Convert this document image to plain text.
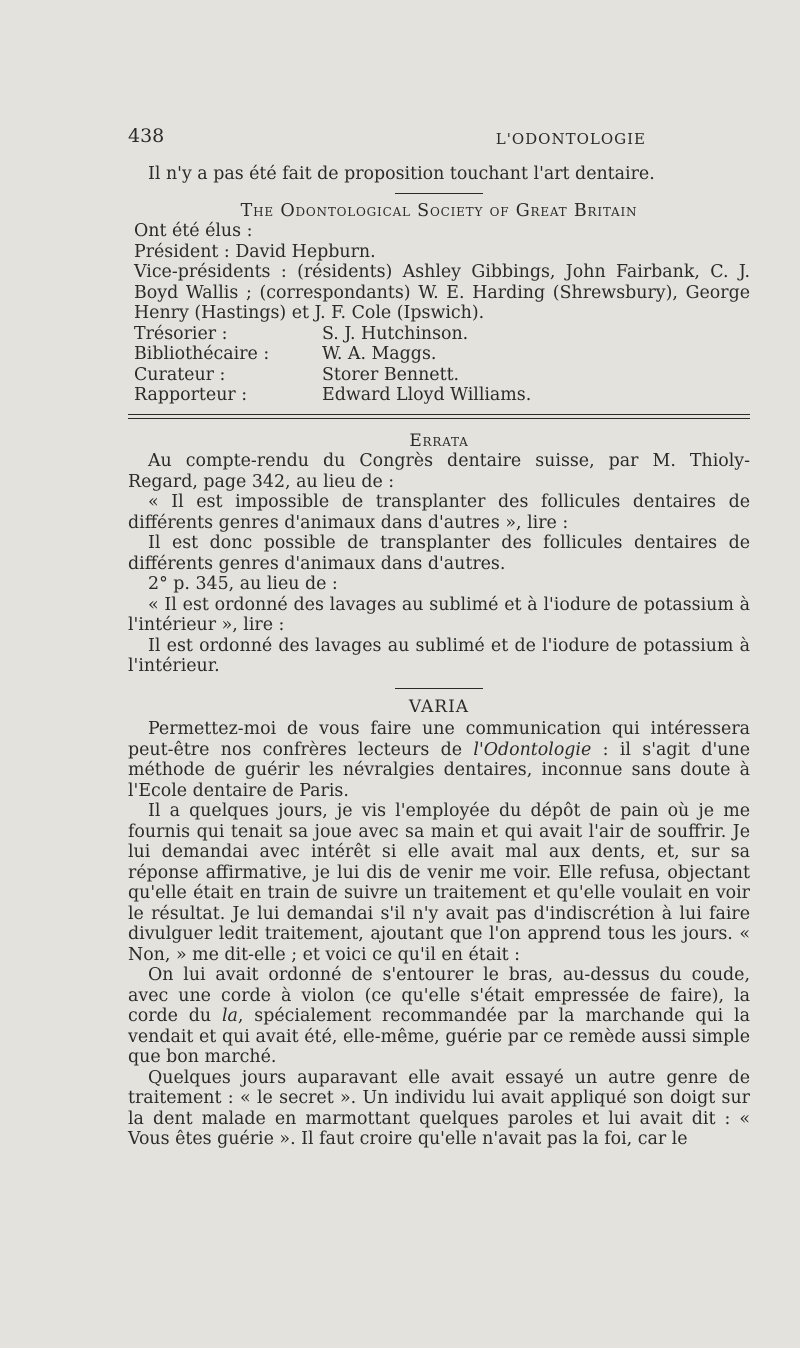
438	L'ODONTOLOGIE

Il n'y a pas été fait de proposition touchant l'art dentaire.

The Odontological Society of Great Britain

Ont été élus :

Président : David Hepburn.

Vice-présidents : (résidents) Ashley Gibbings, John Fairbank, C. J. Boyd Wallis ; (correspondants) W. E. Harding (Shrewsbury), George Henry (Hastings) et J. F. Cole (Ipswich).

Trésorier :	S. J. Hutchinson.
Bibliothécaire :	W. A. Maggs.
Curateur :	Storer Bennett.
Rapporteur :	Edward Lloyd Williams.
Errata

Au compte-rendu du Congrès dentaire suisse, par M. Thioly-Regard, page 342, au lieu de :

« Il est impossible de transplanter des follicules dentaires de différents genres d'animaux dans d'autres », lire :

Il est donc possible de transplanter des follicules dentaires de différents genres d'animaux dans d'autres.

2° p. 345, au lieu de :

« Il est ordonné des lavages au sublimé et à l'iodure de potassium à l'intérieur », lire :

Il est ordonné des lavages au sublimé et de l'iodure de potassium à l'intérieur.

VARIA

Permettez-moi de vous faire une communication qui intéressera peut-être nos confrères lecteurs de l'Odontologie : il s'agit d'une méthode de guérir les névralgies dentaires, inconnue sans doute à l'Ecole dentaire de Paris.

Il a quelques jours, je vis l'employée du dépôt de pain où je me fournis qui tenait sa joue avec sa main et qui avait l'air de souffrir. Je lui demandai avec intérêt si elle avait mal aux dents, et, sur sa réponse affirmative, je lui dis de venir me voir. Elle refusa, objectant qu'elle était en train de suivre un traitement et qu'elle voulait en voir le résultat. Je lui demandai s'il n'y avait pas d'indiscrétion à lui faire divulguer ledit traitement, ajoutant que l'on apprend tous les jours. « Non, » me dit-elle ; et voici ce qu'il en était :

On lui avait ordonné de s'entourer le bras, au-dessus du coude, avec une corde à violon (ce qu'elle s'était empressée de faire), la corde du la, spécialement recommandée par la marchande qui la vendait et qui avait été, elle-même, guérie par ce remède aussi simple que bon marché.

Quelques jours auparavant elle avait essayé un autre genre de traitement : « le secret ». Un individu lui avait appliqué son doigt sur la dent malade en marmottant quelques paroles et lui avait dit : « Vous êtes guérie ». Il faut croire qu'elle n'avait pas la foi, car le
